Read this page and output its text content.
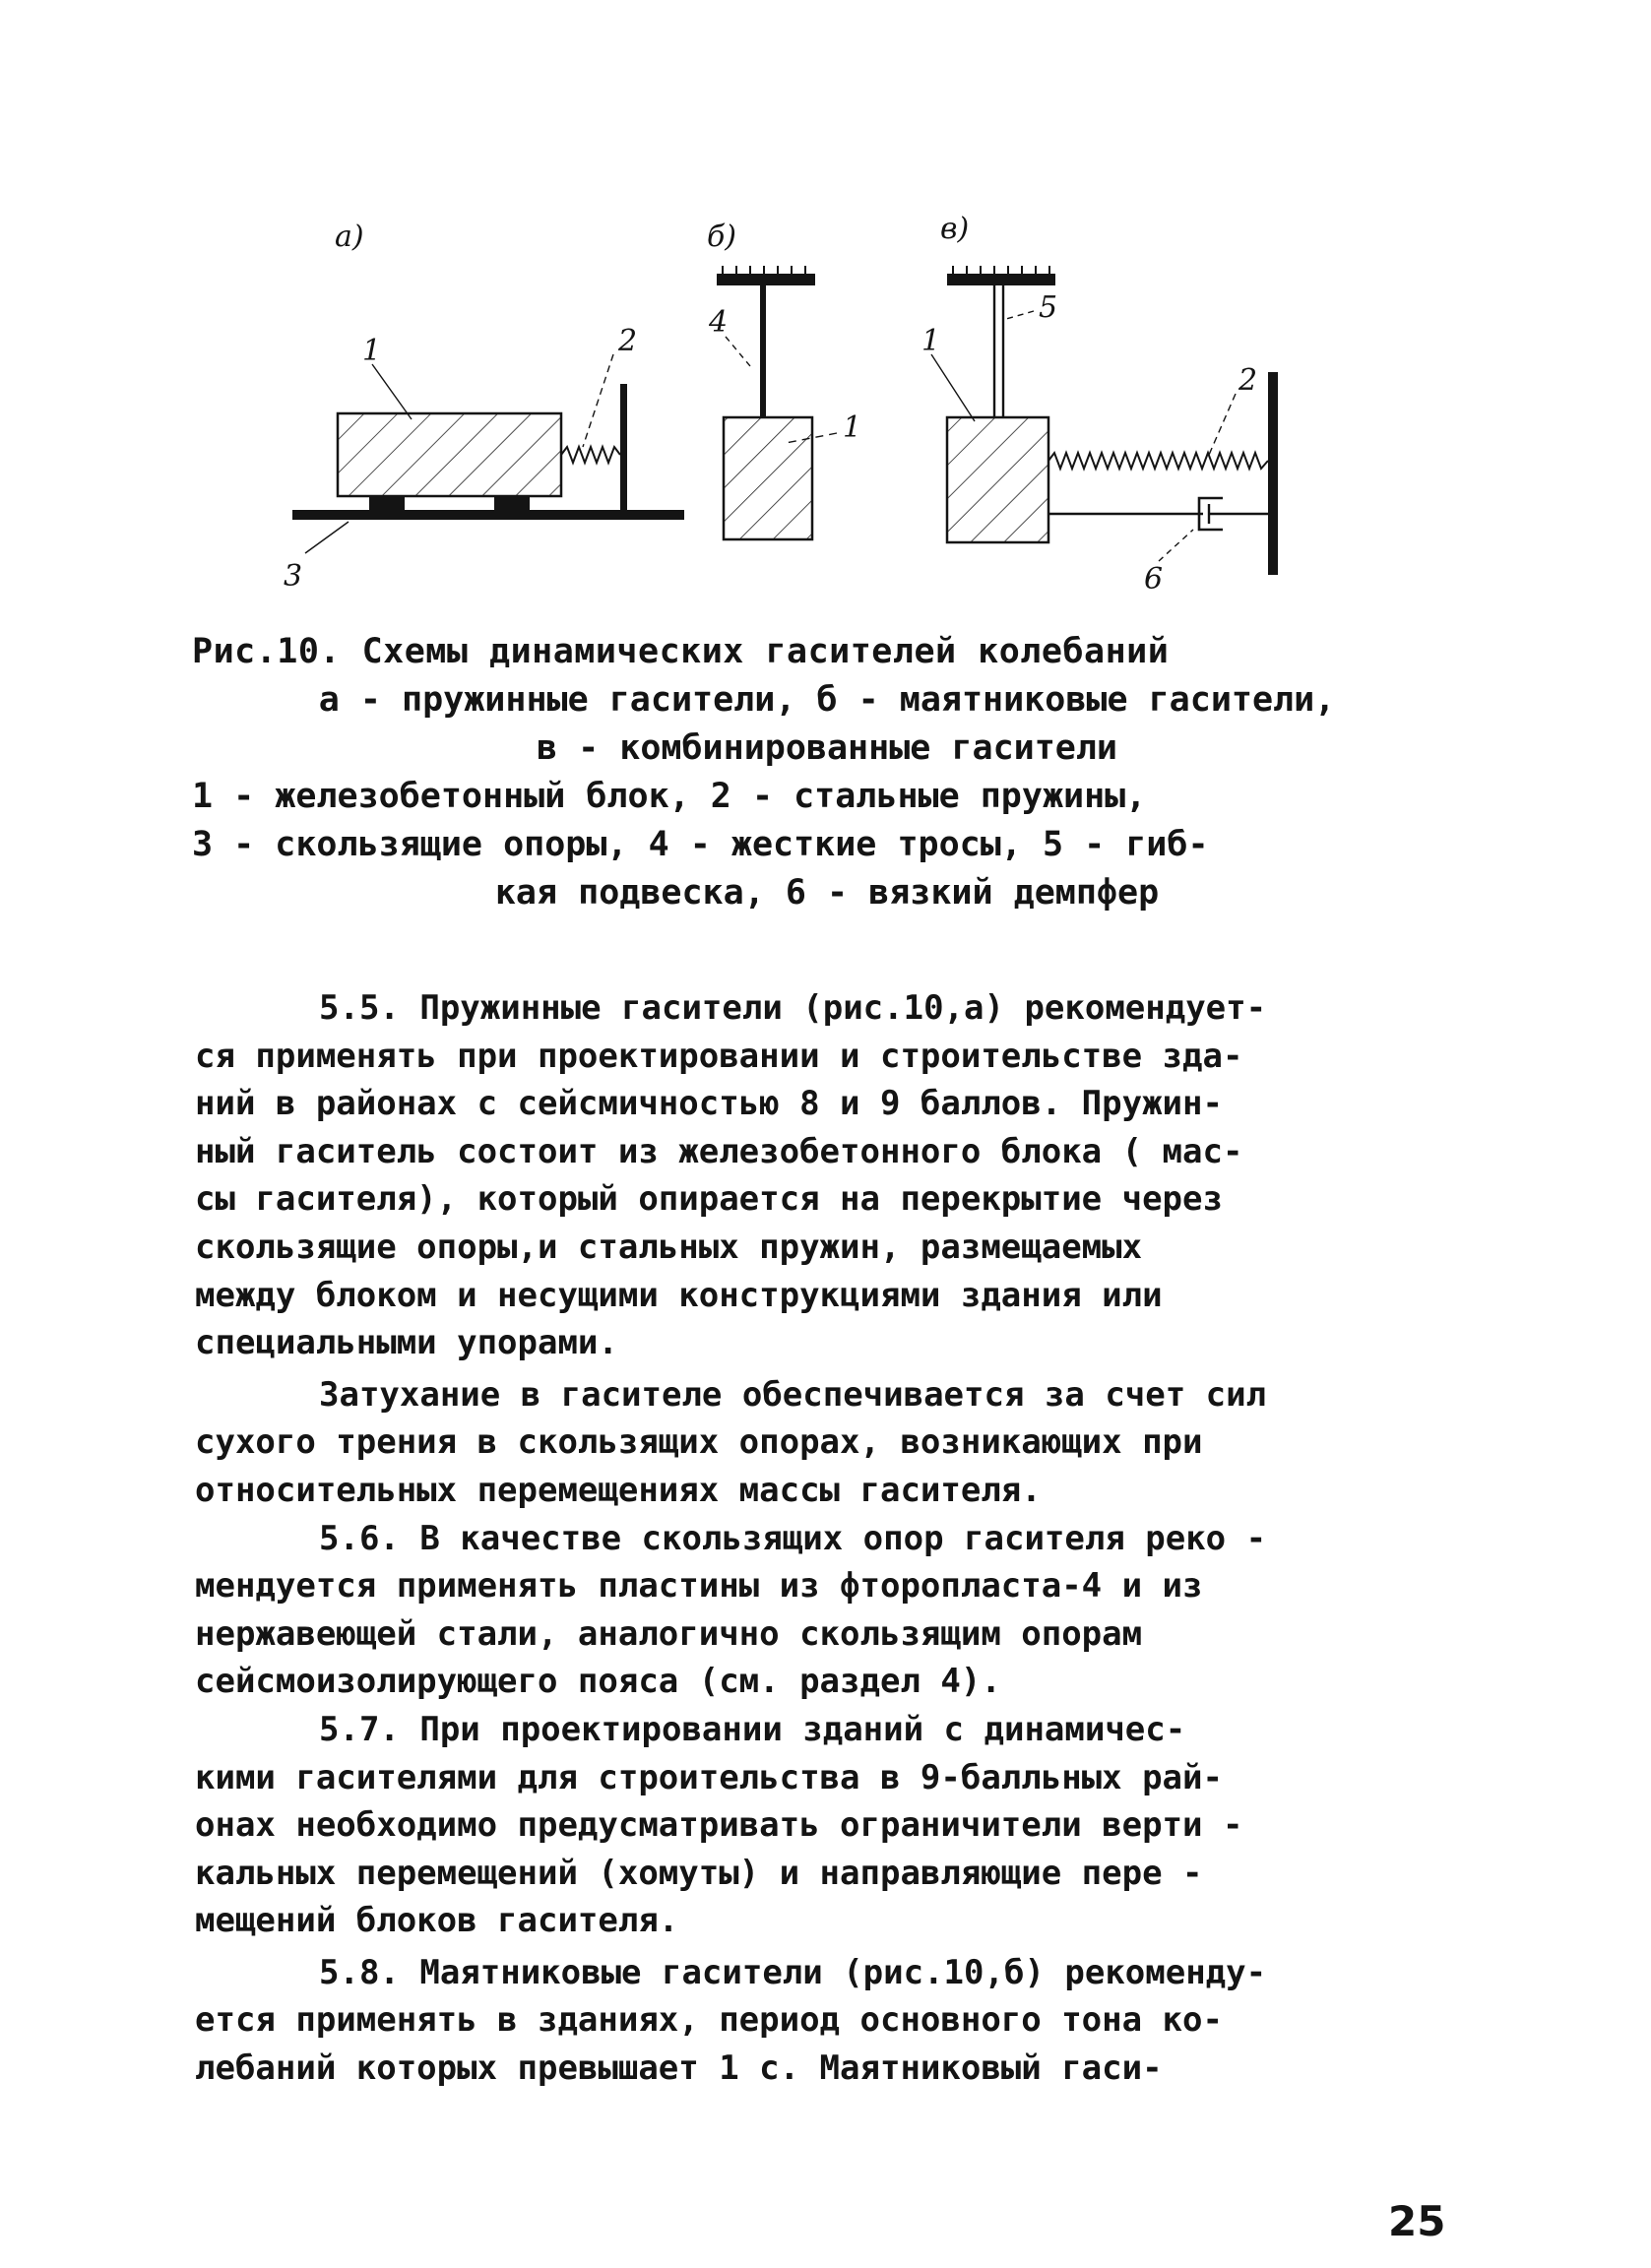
а)
1	2
3
б)
4
1
в)
1
5
2
6

Рис.10. Схемы динамических гасителей колебаний

а - пружинные гасители, б - маятниковые гасители,

в - комбинированные гасители

1 - железобетонный блок, 2 - стальные пружины,

3 - скользящие опоры, 4 - жесткие тросы, 5 - гиб-

кая подвеска, 6 - вязкий демпфер

5.5. Пружинные гасители (рис.10,а) рекомендует-
ся применять при проектировании и строительстве зда-
ний в районах с сейсмичностью 8 и 9 баллов. Пружин-
ный гаситель состоит из железобетонного блока ( мас-
сы гасителя), который опирается на перекрытие через
скользящие опоры,и стальных пружин, размещаемых
между блоком и несущими конструкциями здания или
специальными упорами.

Затухание в гасителе обеспечивается за счет сил
сухого трения в скользящих опорах, возникающих при
относительных перемещениях массы гасителя.

5.6. В качестве скользящих опор гасителя реко -
мендуется применять пластины из фторопласта-4 и из
нержавеющей стали, аналогично скользящим опорам
сейсмоизолирующего пояса (см. раздел 4).

5.7. При проектировании зданий с динамичес-
кими гасителями для строительства в 9-балльных рай-
онах необходимо предусматривать ограничители верти -
кальных перемещений (хомуты) и направляющие пере -
мещений блоков гасителя.

5.8. Маятниковые гасители (рис.10,б) рекоменду-
ется применять в зданиях, период основного тона ко-
лебаний которых превышает 1 с. Маятниковый гаси-

25
